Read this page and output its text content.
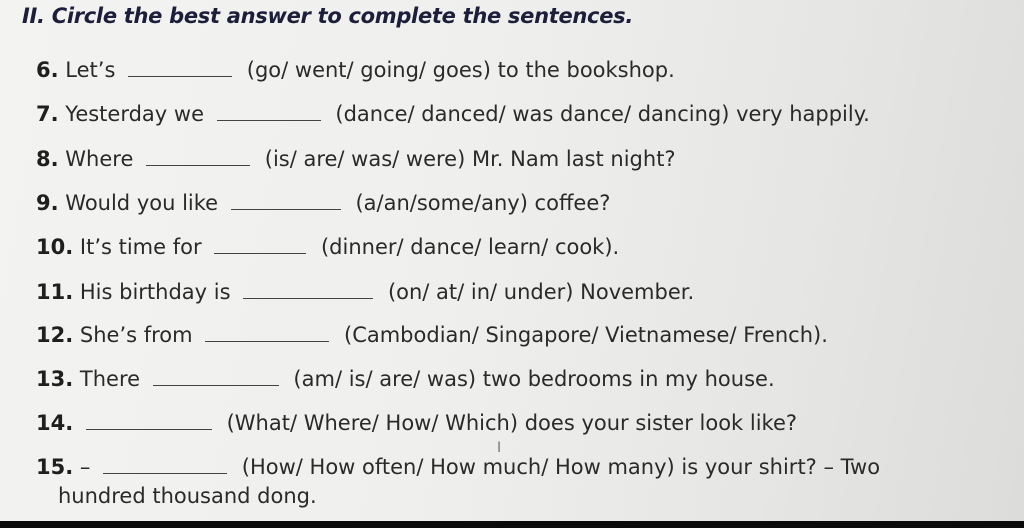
II. Circle the best answer to complete the sentences.
6. Let’s	(go/ went/ going/ goes) to the bookshop.
7. Yesterday we	(dance/ danced/ was dance/ dancing) very happily.
8. Where	(is/ are/ was/ were) Mr. Nam last night?
9. Would you like	(a/an/some/any) coffee?
10. It’s time for	(dinner/ dance/ learn/ cook).
11. His birthday is	(on/ at/ in/ under) November.
12. She’s from	(Cambodian/ Singapore/ Vietnamese/ French).
13. There	(am/ is/ are/ was) two bedrooms in my house.
14.	(What/ Where/ How/ Which) does your sister look like?
I
15. –	(How/ How often/ How much/ How many) is your shirt? – Two
hundred thousand dong.
